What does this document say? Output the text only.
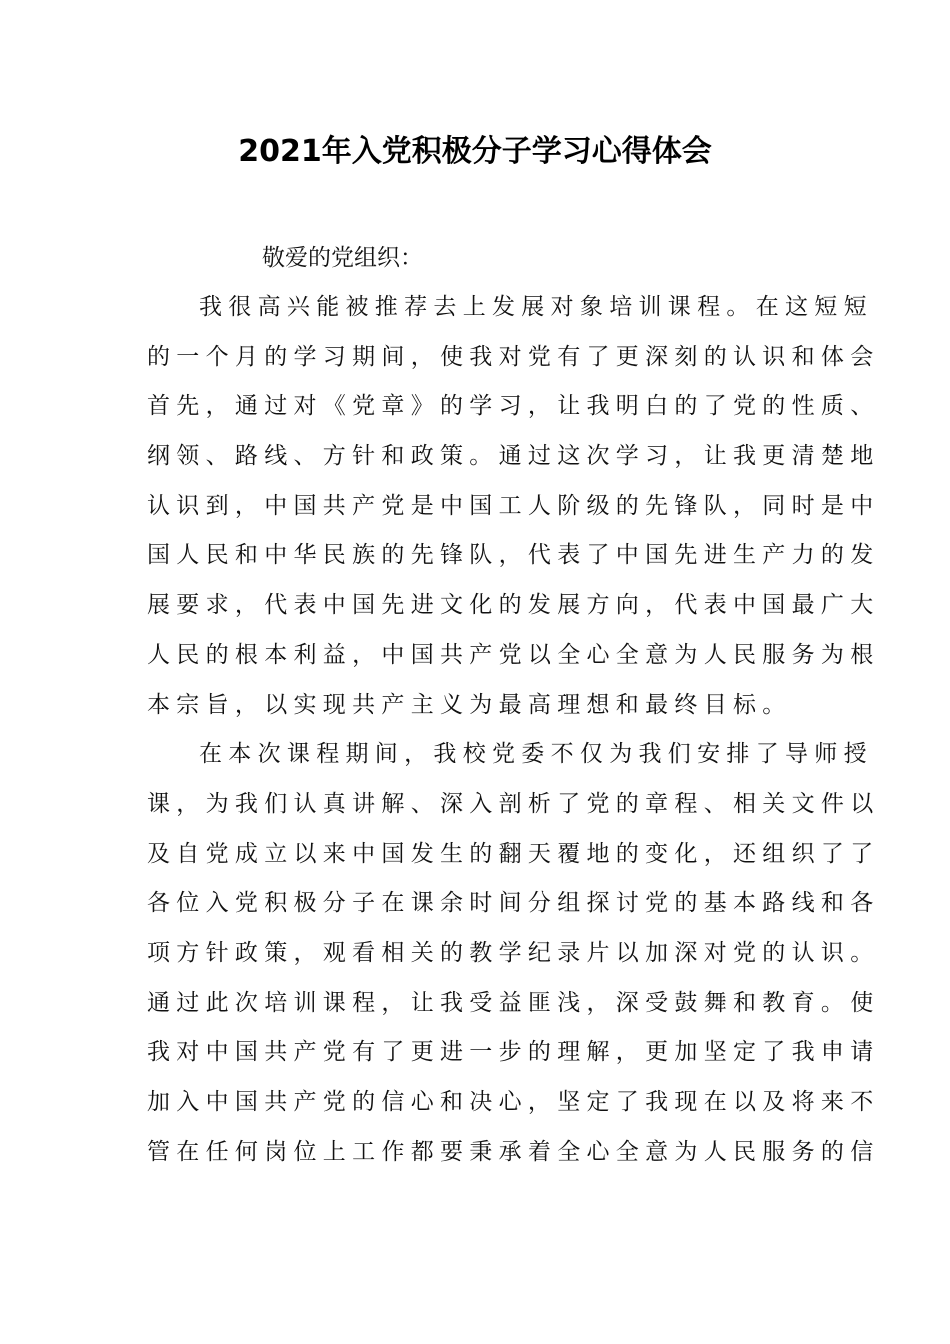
2021年入党积极分子学习心得体会

敬爱的党组织：

我很高兴能被推荐去上发展对象培训课程。在这短短
的一个月的学习期间，使我对党有了更深刻的认识和体会
首先，通过对《党章》的学习，让我明白的了党的性质、
纲领、路线、方针和政策。通过这次学习，让我更清楚地
认识到，中国共产党是中国工人阶级的先锋队，同时是中
国人民和中华民族的先锋队，代表了中国先进生产力的发
展要求，代表中国先进文化的发展方向，代表中国最广大
人民的根本利益，中国共产党以全心全意为人民服务为根
本宗旨，以实现共产主义为最高理想和最终目标。
在本次课程期间，我校党委不仅为我们安排了导师授
课，为我们认真讲解、深入剖析了党的章程、相关文件以
及自党成立以来中国发生的翻天覆地的变化，还组织了了
各位入党积极分子在课余时间分组探讨党的基本路线和各
项方针政策，观看相关的教学纪录片以加深对党的认识。
通过此次培训课程，让我受益匪浅，深受鼓舞和教育。使
我对中国共产党有了更进一步的理解，更加坚定了我申请
加入中国共产党的信心和决心，坚定了我现在以及将来不
管在任何岗位上工作都要秉承着全心全意为人民服务的信
